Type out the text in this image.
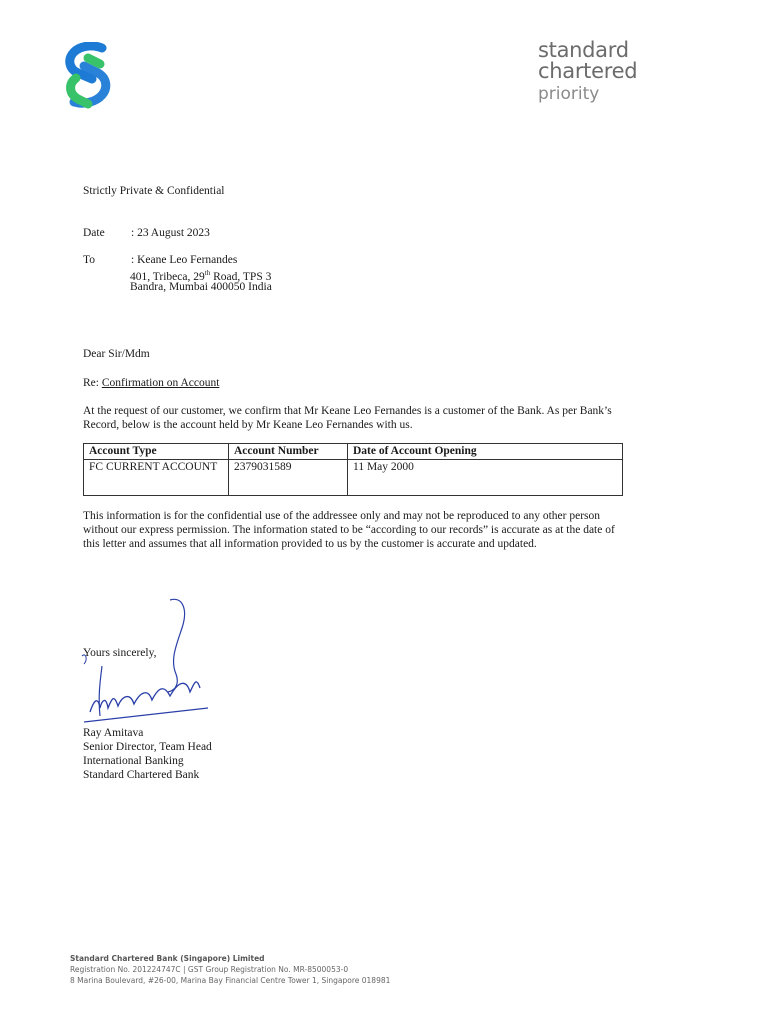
standard
chartered
priority
Strictly Private & Confidential
Date : 23 August 2023
To	: Keane Leo Fernandes
401, Tribeca, 29th Road, TPS 3
Bandra, Mumbai 400050 India
Dear Sir/Mdm
Re: Confirmation on Account
At the request of our customer, we confirm that Mr Keane Leo Fernandes is a customer of the Bank. As per Bank’s
Record, below is the account held by Mr Keane Leo Fernandes with us.
Account Type	Account Number	Date of Account Opening
FC CURRENT ACCOUNT	2379031589	11 May 2000
This information is for the confidential use of the addressee only and may not be reproduced to any other person
without our express permission. The information stated to be “according to our records” is accurate as at the date of
this letter and assumes that all information provided to us by the customer is accurate and updated.
Yours sincerely,
Ray Amitava
Senior Director, Team Head
International Banking
Standard Chartered Bank
Standard Chartered Bank (Singapore) Limited
Registration No. 201224747C | GST Group Registration No. MR-8500053-0
8 Marina Boulevard, #26-00, Marina Bay Financial Centre Tower 1, Singapore 018981
